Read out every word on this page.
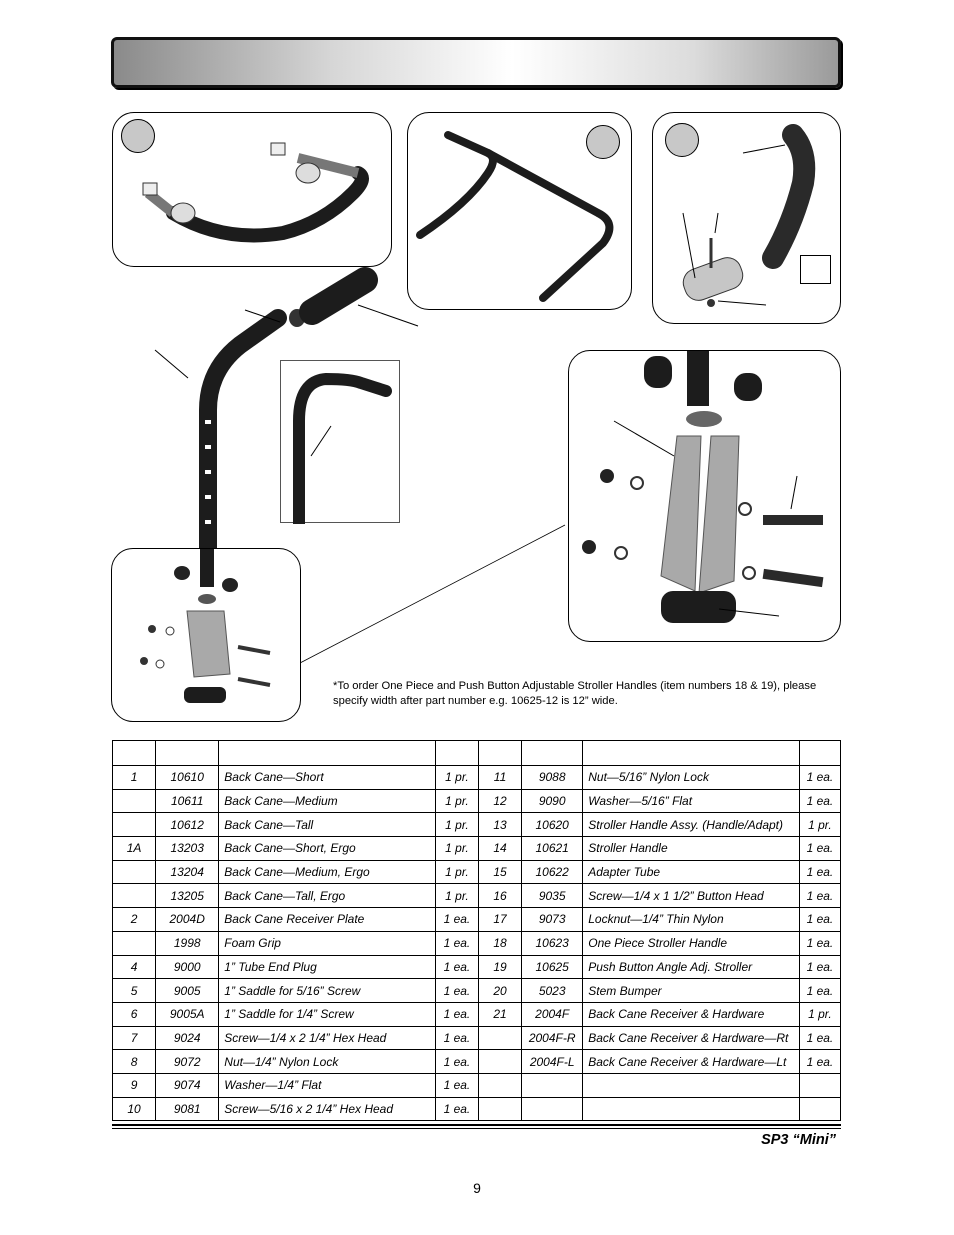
*To order One Piece and Push Button Adjustable Stroller Handles (item numbers 18 & 19), please specify width after part number e.g. 10625-12 is 12” wide.

1	10610	Back Cane—Short	1 pr.	11	9088	Nut—5/16” Nylon Lock	1 ea.
	10611	Back Cane—Medium	1 pr.	12	9090	Washer—5/16” Flat	1 ea.
	10612	Back Cane—Tall	1 pr.	13	10620	Stroller Handle Assy. (Handle/Adapt)	1 pr.
1A	13203	Back Cane—Short, Ergo	1 pr.	14	10621	Stroller Handle	1 ea.
	13204	Back Cane—Medium, Ergo	1 pr.	15	10622	Adapter Tube	1 ea.
	13205	Back Cane—Tall, Ergo	1 pr.	16	9035	Screw—1/4 x 1 1/2” Button Head	1 ea.
2	2004D	Back Cane Receiver Plate	1 ea.	17	9073	Locknut—1/4” Thin Nylon	1 ea.
	1998	Foam Grip	1 ea.	18	10623	One Piece Stroller Handle	1 ea.
4	9000	1” Tube End Plug	1 ea.	19	10625	Push Button Angle Adj. Stroller	1 ea.
5	9005	1” Saddle for 5/16” Screw	1 ea.	20	5023	Stem Bumper	1 ea.
6	9005A	1” Saddle for 1/4” Screw	1 ea.	21	2004F	Back Cane Receiver & Hardware	1 pr.
7	9024	Screw—1/4 x 2 1/4” Hex Head	1 ea.		2004F-R	Back Cane Receiver & Hardware—Rt	1 ea.
8	9072	Nut—1/4” Nylon Lock	1 ea.		2004F-L	Back Cane Receiver & Hardware—Lt	1 ea.
9	9074	Washer—1/4” Flat	1 ea.				
10	9081	Screw—5/16 x 2 1/4” Hex Head	1 ea.				
SP3 “Mini”
9
